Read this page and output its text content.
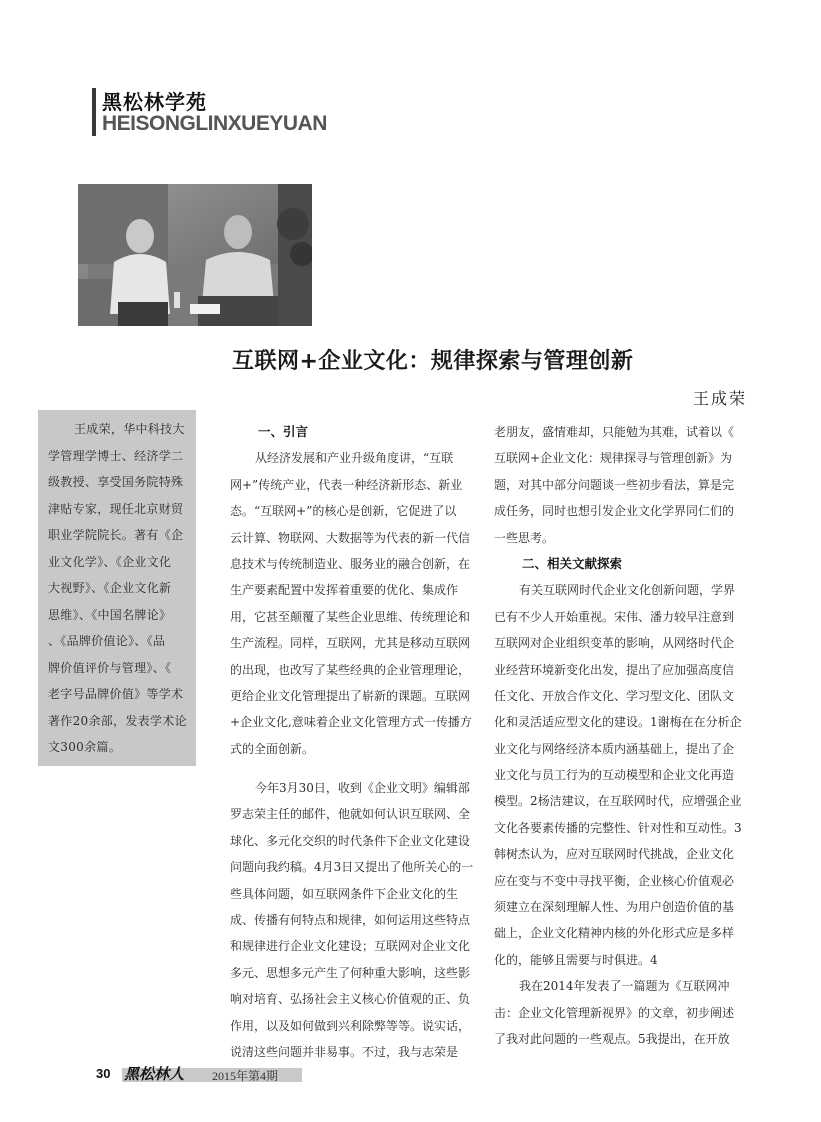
黑松林学苑
HEISONGLINXUEYUAN
互联网+企业文化：规律探索与管理创新
王成荣
王成荣，华中科技大
学管理学博士、经济学二
级教授、享受国务院特殊
津贴专家，现任北京财贸
职业学院院长。著有《企
业文化学》、《企业文化
大视野》、《企业文化新
思维》、《中国名牌论》
、《品牌价值论》、《品
牌价值评价与管理》、《
老字号品牌价值》等学术
著作20余部，发表学术论
文300余篇。
一、引言
从经济发展和产业升级角度讲，“互联
网+”传统产业，代表一种经济新形态、新业
态。“互联网+”的核心是创新，它促进了以
云计算、物联网、大数据等为代表的新一代信
息技术与传统制造业、服务业的融合创新，在
生产要素配置中发挥着重要的优化、集成作
用，它甚至颠覆了某些企业思维、传统理论和
生产流程。同样，互联网，尤其是移动互联网
的出现，也改写了某些经典的企业管理理论，
更给企业文化管理提出了崭新的课题。互联网
+企业文化,意味着企业文化管理方式一传播方
式的全面创新。
今年3月30日，收到《企业文明》编辑部
罗志荣主任的邮件，他就如何认识互联网、全
球化、多元化交织的时代条件下企业文化建设
问题向我约稿。4月3日又提出了他所关心的一
些具体问题，如互联网条件下企业文化的生
成、传播有何特点和规律，如何运用这些特点
和规律进行企业文化建设；互联网对企业文化
多元、思想多元产生了何种重大影响，这些影
响对培育、弘扬社会主义核心价值观的正、负
作用，以及如何做到兴利除弊等等。说实话，
说清这些问题并非易事。不过，我与志荣是
老朋友，盛情难却，只能勉为其难，试着以《
互联网+企业文化：规律探寻与管理创新》为
题，对其中部分问题谈一些初步看法，算是完
成任务，同时也想引发企业文化学界同仁们的
一些思考。
二、相关文献探索
有关互联网时代企业文化创新问题，学界
已有不少人开始重视。宋伟、潘力较早注意到
互联网对企业组织变革的影响，从网络时代企
业经营环境新变化出发，提出了应加强高度信
任文化、开放合作文化、学习型文化、团队文
化和灵活适应型文化的建设。1谢梅在在分析企
业文化与网络经济本质内涵基础上，提出了企
业文化与员工行为的互动模型和企业文化再造
模型。2杨洁建议，在互联网时代，应增强企业
文化各要素传播的完整性、针对性和互动性。3
韩树杰认为，应对互联网时代挑战，企业文化
应在变与不变中寻找平衡，企业核心价值观必
须建立在深刻理解人性、为用户创造价值的基
础上，企业文化精神内核的外化形式应是多样
化的，能够且需要与时俱进。4
我在2014年发表了一篇题为《互联网冲
击：企业文化管理新视界》的文章，初步阐述
了我对此问题的一些观点。5我提出，在开放
30 黑松林人 2015年第4期
